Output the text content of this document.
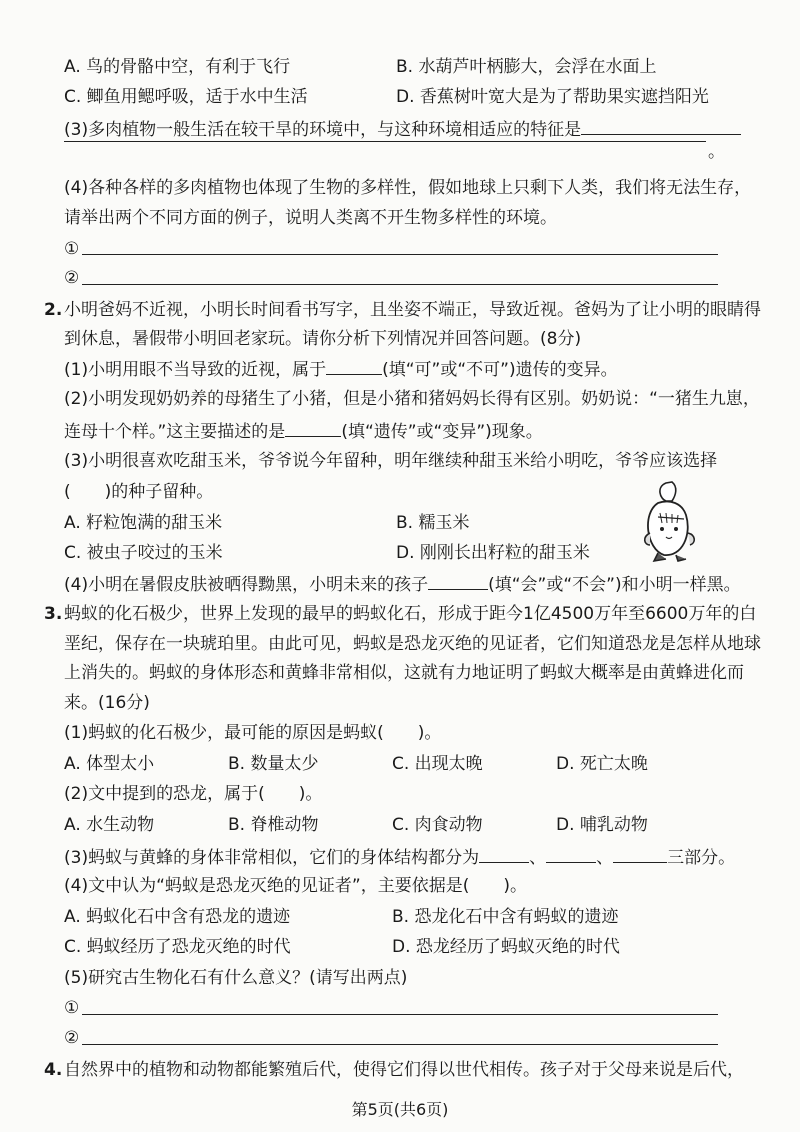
A. 鸟的骨骼中空，有利于飞行	B. 水葫芦叶柄膨大，会浮在水面上
C. 鲫鱼用鳃呼吸，适于水中生活	D. 香蕉树叶宽大是为了帮助果实遮挡阳光
(3)多肉植物一般生活在较干旱的环境中，与这种环境相适应的特征是
。
(4)各种各样的多肉植物也体现了生物的多样性，假如地球上只剩下人类，我们将无法生存，
请举出两个不同方面的例子，说明人类离不开生物多样性的环境。
①
②
2. 小明爸妈不近视，小明长时间看书写字，且坐姿不端正，导致近视。爸妈为了让小明的眼睛得
到休息，暑假带小明回老家玩。请你分析下列情况并回答问题。(8分)
(1)小明用眼不当导致的近视，属于	(填“可”或“不可”)遗传的变异。
(2)小明发现奶奶养的母猪生了小猪，但是小猪和猪妈妈长得有区别。奶奶说：“一猪生九崽，
连母十个样。”这主要描述的是	(填“遗传”或“变异”)现象。
(3)小明很喜欢吃甜玉米，爷爷说今年留种，明年继续种甜玉米给小明吃，爷爷应该选择
(　　)的种子留种。
A. 籽粒饱满的甜玉米	B. 糯玉米
C. 被虫子咬过的玉米	D. 刚刚长出籽粒的甜玉米
(4)小明在暑假皮肤被晒得黝黑，小明未来的孩子	(填“会”或“不会”)和小明一样黑。
3. 蚂蚁的化石极少，世界上发现的最早的蚂蚁化石，形成于距今1亿4500万年至6600万年的白
垩纪，保存在一块琥珀里。由此可见，蚂蚁是恐龙灭绝的见证者，它们知道恐龙是怎样从地球
上消失的。蚂蚁的身体形态和黄蜂非常相似，这就有力地证明了蚂蚁大概率是由黄蜂进化而
来。(16分)
(1)蚂蚁的化石极少，最可能的原因是蚂蚁(　　)。
A. 体型太小	B. 数量太少	C. 出现太晚	D. 死亡太晚
(2)文中提到的恐龙，属于(　　)。
A. 水生动物	B. 脊椎动物	C. 肉食动物	D. 哺乳动物
(3)蚂蚁与黄蜂的身体非常相似，它们的身体结构都分为	、	、	三部分。
(4)文中认为“蚂蚁是恐龙灭绝的见证者”，主要依据是(　　)。
A. 蚂蚁化石中含有恐龙的遗迹	B. 恐龙化石中含有蚂蚁的遗迹
C. 蚂蚁经历了恐龙灭绝的时代	D. 恐龙经历了蚂蚁灭绝的时代
(5)研究古生物化石有什么意义？(请写出两点)
①
②
4. 自然界中的植物和动物都能繁殖后代，使得它们得以世代相传。孩子对于父母来说是后代，
第5页(共6页)
